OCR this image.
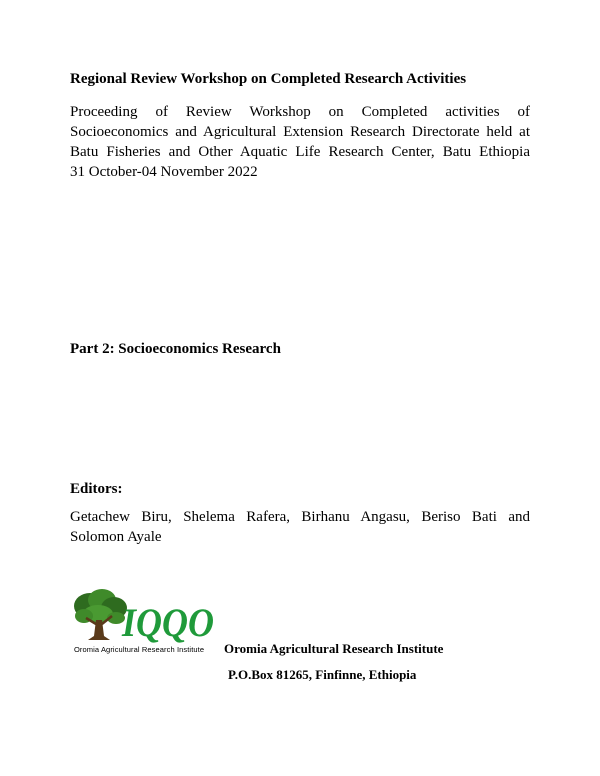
Regional Review Workshop on Completed Research Activities
Proceeding of Review Workshop on Completed activities of
Socioeconomics and Agricultural Extension Research Directorate held at
Batu Fisheries and Other Aquatic Life Research Center, Batu Ethiopia
31 October-04 November 2022
Part 2: Socioeconomics Research
Editors:
Getachew Biru, Shelema Rafera, Birhanu Angasu, Beriso Bati and
Solomon Ayale
IQQO
Oromia Agricultural Research Institute Oromia Agricultural Research Institute
P.O.Box 81265, Finfinne, Ethiopia
